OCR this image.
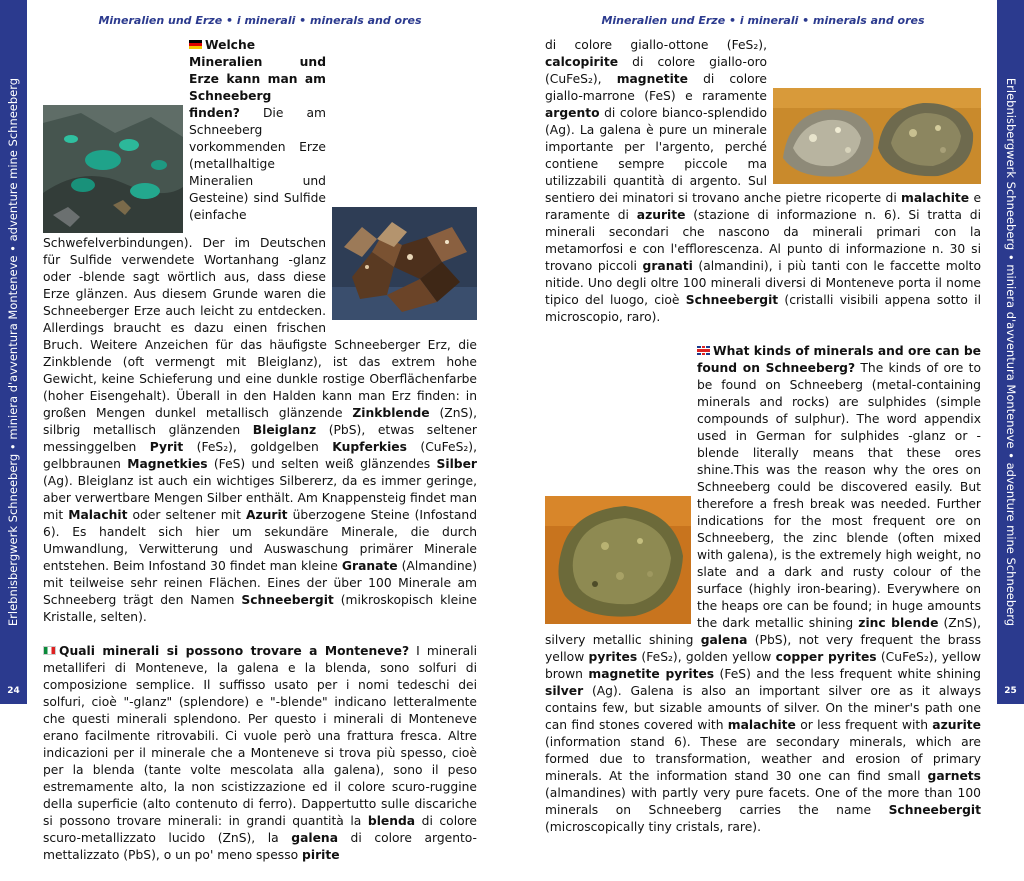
Erlebnisbergwerk Schneeberg • miniera d'avventura Monteneve • adventure mine Schneeberg
24
Erlebnisbergwerk Schneeberg • miniera d'avventura Monteneve • adventure mine Schneeberg
25
Mineralien und Erze • i minerali • minerals and ores	Mineralien und Erze • i minerali • minerals and ores

Welche Mineralien und Erze kann man am Schneeberg finden? Die am Schneeberg vorkommenden Erze (metallhaltige Mineralien und Gesteine) sind Sulfide (einfache Schwefelverbindungen). Der im Deutschen für Sulfide verwendete Wortanhang -glanz oder -blende sagt wörtlich aus, dass diese Erze glänzen. Aus diesem Grunde waren die Schneeberger Erze auch leicht zu entdecken. Allerdings braucht es dazu einen frischen Bruch. Weitere Anzeichen für das häufigste Schneeberger Erz, die Zinkblende (oft vermengt mit Bleiglanz), ist das extrem hohe Gewicht, keine Schieferung und eine dunkle rostige Oberflächenfarbe (hoher Eisengehalt). Überall in den Halden kann man Erz finden: in großen Mengen dunkel metallisch glänzende Zinkblende (ZnS), silbrig metallisch glänzenden Bleiglanz (PbS), etwas seltener messinggelben Pyrit (FeS₂), goldgelben Kupferkies (CuFeS₂), gelbbraunen Magnetkies (FeS) und selten weiß glänzendes Silber (Ag). Bleiglanz ist auch ein wichtiges Silbererz, da es immer geringe, aber verwertbare Mengen Silber enthält. Am Knappensteig findet man mit Malachit oder seltener mit Azurit überzogene Steine (Infostand 6). Es handelt sich hier um sekundäre Minerale, die durch Umwandlung, Verwitterung und Auswaschung primärer Minerale entstehen. Beim Infostand 30 findet man kleine Granate (Almandine) mit teilweise sehr reinen Flächen. Eines der über 100 Minerale am Schneeberg trägt den Namen Schneebergit (mikroskopisch kleine Kristalle, selten).

Quali minerali si possono trovare a Monteneve? I minerali metalliferi di Monteneve, la galena e la blenda, sono solfuri di composizione semplice. Il suffisso usato per i nomi tedeschi dei solfuri, cioè "-glanz" (splendore) e "-blende" indicano letteralmente che questi minerali splendono. Per questo i minerali di Monteneve erano facilmente ritrovabili. Ci vuole però una frattura fresca. Altre indicazioni per il minerale che a Monteneve si trova più spesso, cioè per la blenda (tante volte mescolata alla galena), sono il peso estremamente alto, la non scistizzazione ed il colore scuro-ruggine della superficie (alto contenuto di ferro). Dappertutto sulle discariche si possono trovare minerali: in grandi quantità la blenda di colore scuro-metallizzato lucido (ZnS), la galena di colore argento-mettalizzato (PbS), o un po' meno spesso pirite

di colore giallo-ottone (FeS₂), calcopirite di colore giallo-oro (CuFeS₂), magnetite di colore giallo-marrone (FeS) e raramente argento di colore bianco-splendido (Ag). La galena è pure un minerale importante per l'argento, perché contiene sempre piccole ma utilizzabili quantità di argento. Sul sentiero dei minatori si trovano anche pietre ricoperte di malachite e raramente di azurite (stazione di informazione n. 6). Si tratta di minerali secondari che nascono da minerali primari con la metamorfosi e con l'efflorescenza. Al punto di informazione n. 30 si trovano piccoli granati (almandini), i più tanti con le faccette molto nitide. Uno degli oltre 100 minerali diversi di Monteneve porta il nome tipico del luogo, cioè Schneebergit (cristalli visibili appena sotto il microscopio, raro).

What kinds of minerals and ore can be found on Schneeberg? The kinds of ore to be found on Schneeberg (metal-containing minerals and rocks) are sulphides (simple compounds of sulphur). The word appendix used in German for sulphides -glanz or -blende literally means that these ores shine.This was the reason why the ores on Schneeberg could be discovered easily. But therefore a fresh break was needed. Further indications for the most frequent ore on Schneeberg, the zinc blende (often mixed with galena), is the extremely high weight, no slate and a dark and rusty colour of the surface (highly iron-bearing). Everywhere on the heaps ore can be found; in huge amounts the dark metallic shining zinc blende (ZnS), silvery metallic shining galena (PbS), not very frequent the brass yellow pyrites (FeS₂), golden yellow copper pyrites (CuFeS₂), yellow brown magnetite pyrites (FeS) and the less frequent white shining silver (Ag). Galena is also an important silver ore as it always contains few, but sizable amounts of silver. On the miner's path one can find stones covered with malachite or less frequent with azurite (information stand 6). These are secondary minerals, which are formed due to transformation, weather and erosion of primary minerals. At the information stand 30 one can find small garnets (almandines) with partly very pure facets. One of the more than 100 minerals on Schneeberg carries the name Schneebergit (microscopically tiny cristals, rare).
